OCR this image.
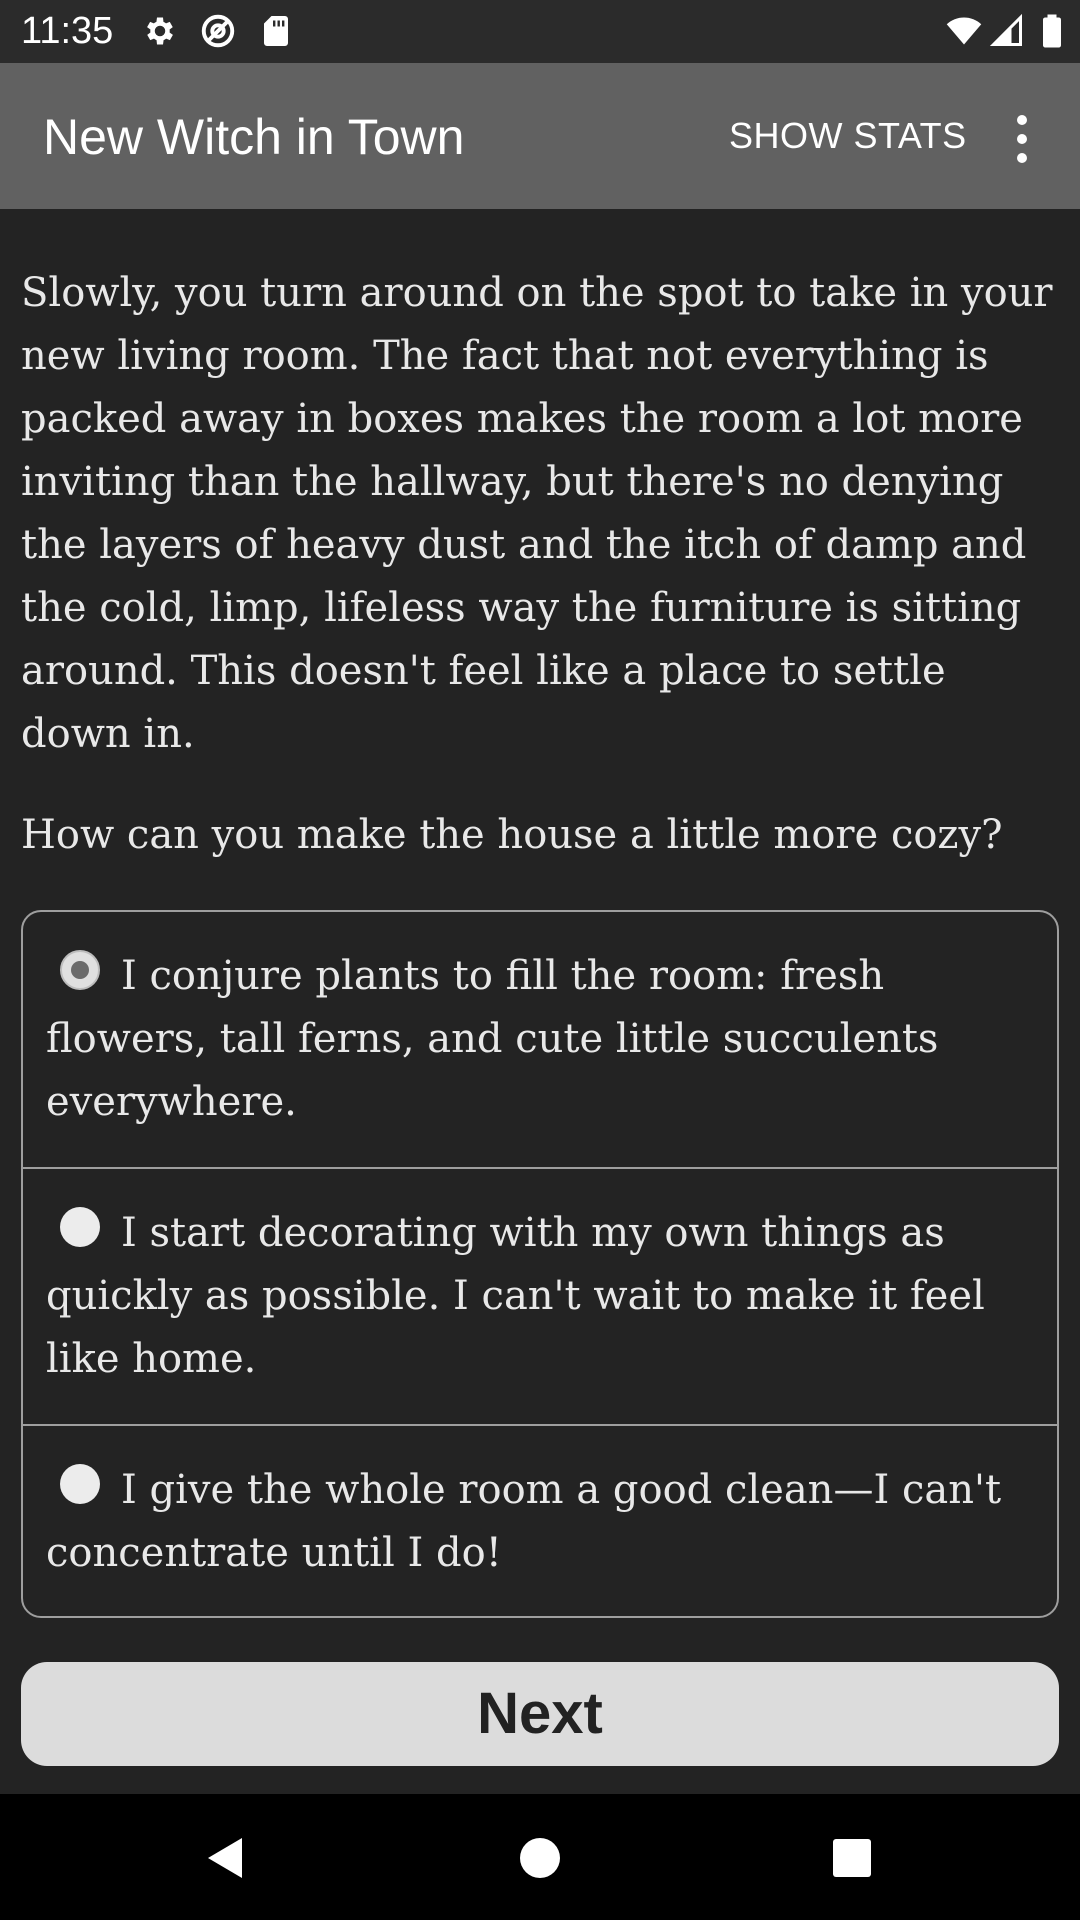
11:35
New Witch in Town	SHOW STATS

Slowly, you turn around on the spot to take in your new living room. The fact that not everything is packed away in boxes makes the room a lot more inviting than the hallway, but there's no denying the layers of heavy dust and the itch of damp and the cold, limp, lifeless way the furniture is sitting around. This doesn't feel like a place to settle down in.

How can you make the house a little more cozy?

I conjure plants to fill the room: fresh flowers, tall ferns, and cute little succulents everywhere.

I start decorating with my own things as quickly as possible. I can't wait to make it feel like home.

I give the whole room a good clean—I can't concentrate until I do!

Next
